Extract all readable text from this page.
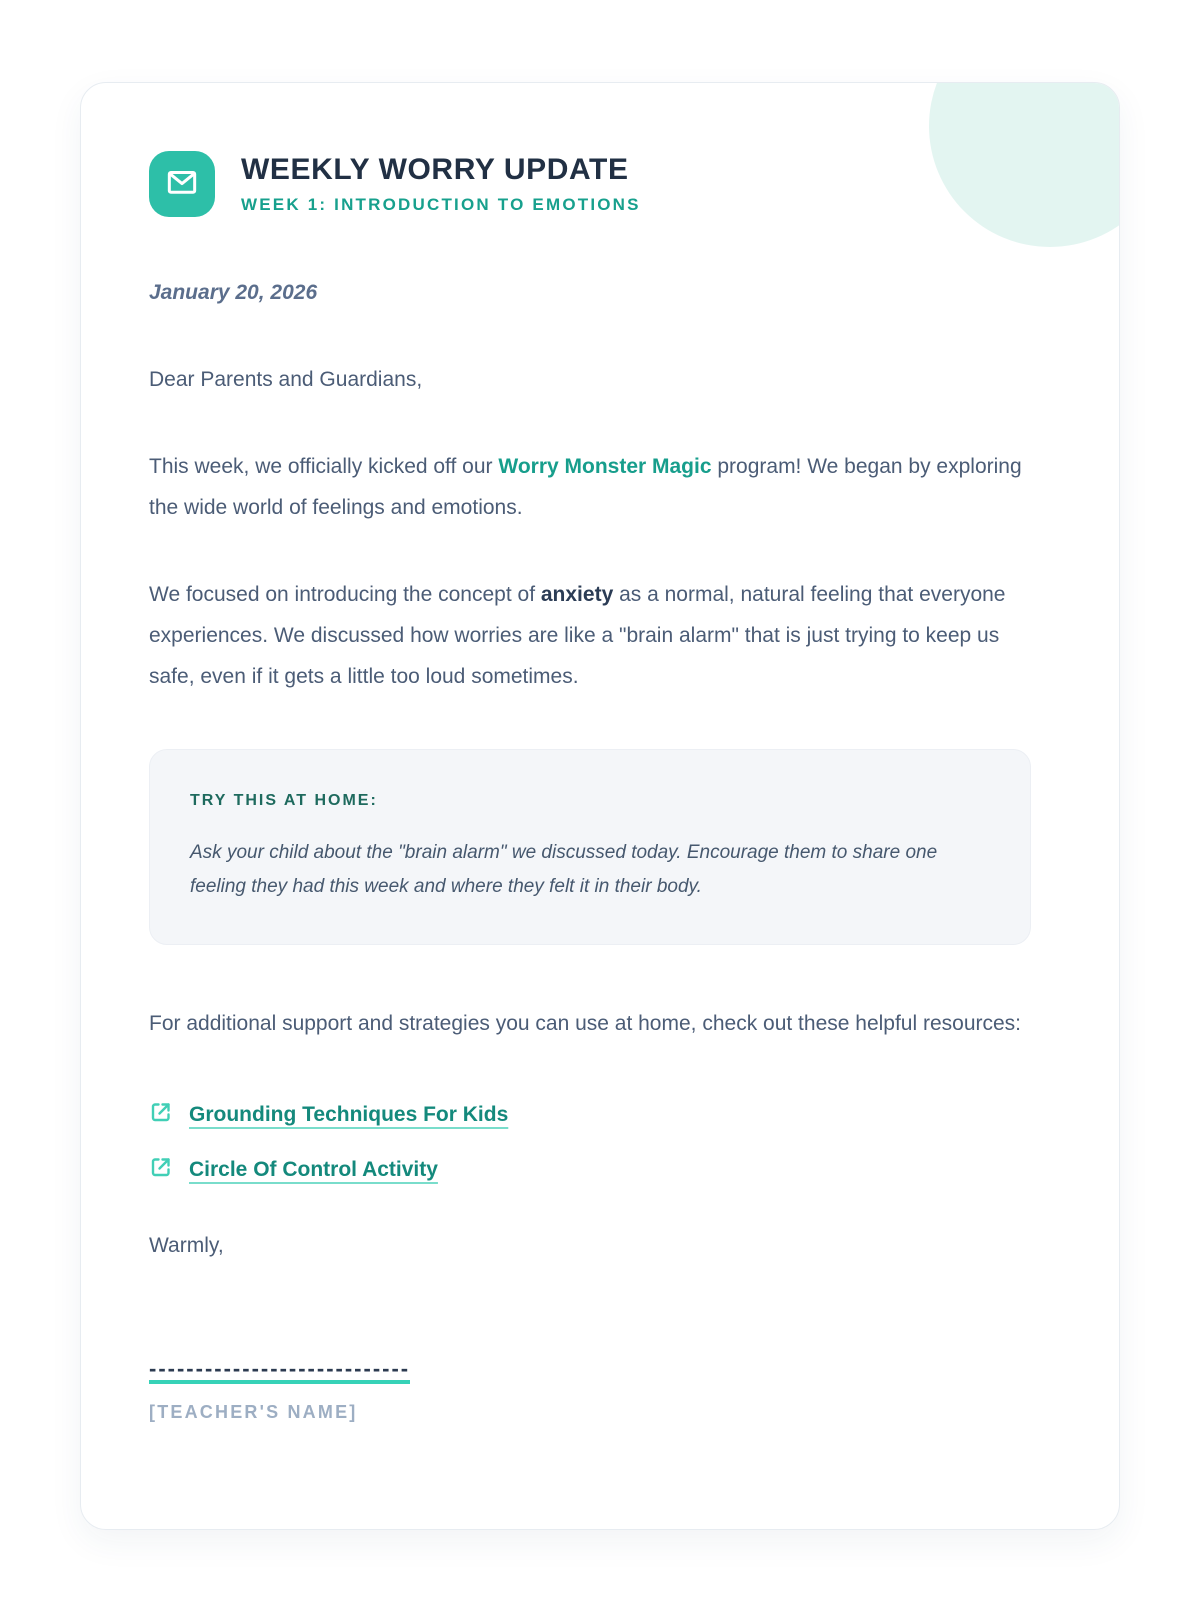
WEEKLY WORRY UPDATE
WEEK 1: INTRODUCTION TO EMOTIONS
January 20, 2026

Dear Parents and Guardians,

This week, we officially kicked off our Worry Monster Magic program! We began by exploring the wide world of feelings and emotions.

We focused on introducing the concept of anxiety as a normal, natural feeling that everyone experiences. We discussed how worries are like a "brain alarm" that is just trying to keep us safe, even if it gets a little too loud sometimes.

TRY THIS AT HOME:
Ask your child about the "brain alarm" we discussed today. Encourage them to share one feeling they had this week and where they felt it in their body.

For additional support and strategies you can use at home, check out these helpful resources:

Grounding Techniques For Kids
Circle Of Control Activity

Warmly,

----------------------------
[TEACHER'S NAME]
